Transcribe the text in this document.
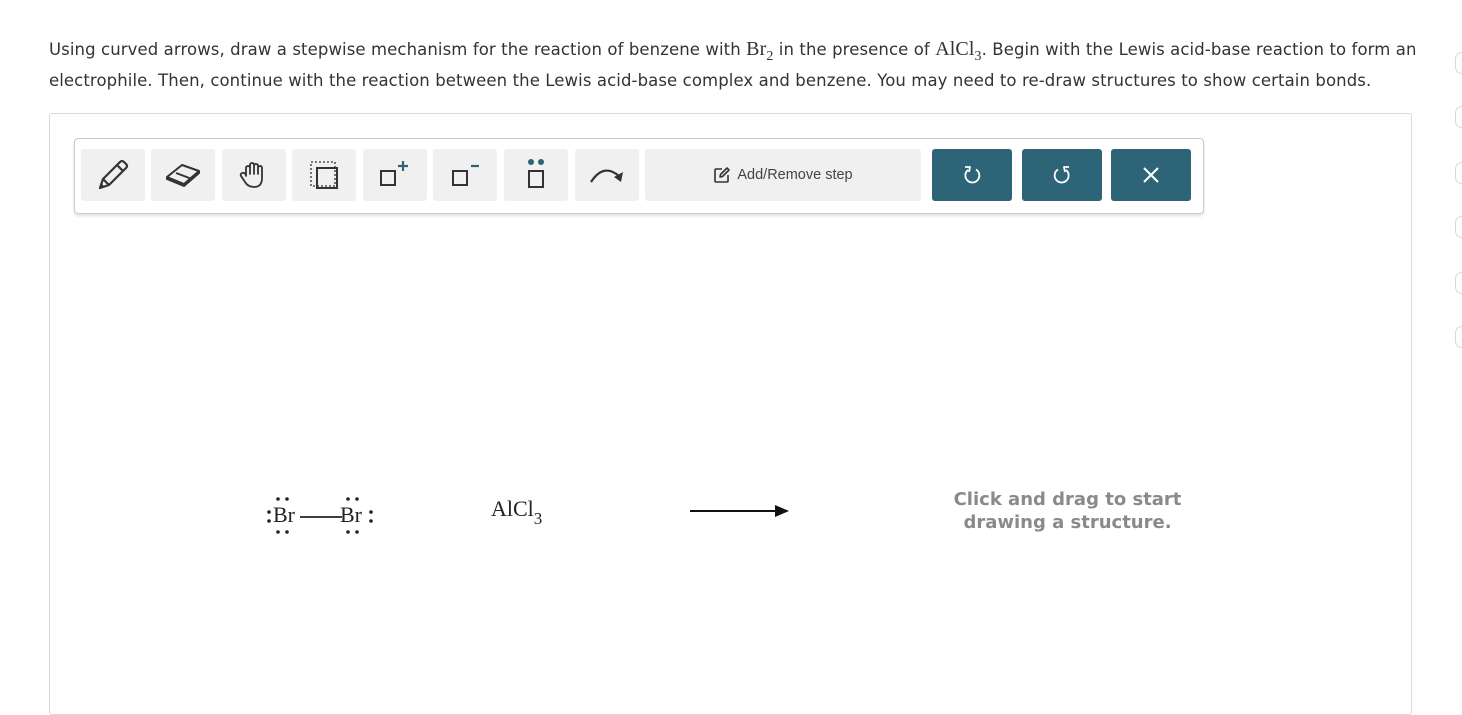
Using curved arrows, draw a stepwise mechanism for the reaction of benzene with $Br_2$ in the presence of AlCl$_3$. Begin with the Lewis acid-base reaction to form an electrophile. Then, continue with the reaction between the Lewis acid-base complex and benzene. You may need to re-draw structures to show certain bonds.
Add/Remove step
Br Br	AlCl$_3$
Click and drag to start
drawing a structure.
